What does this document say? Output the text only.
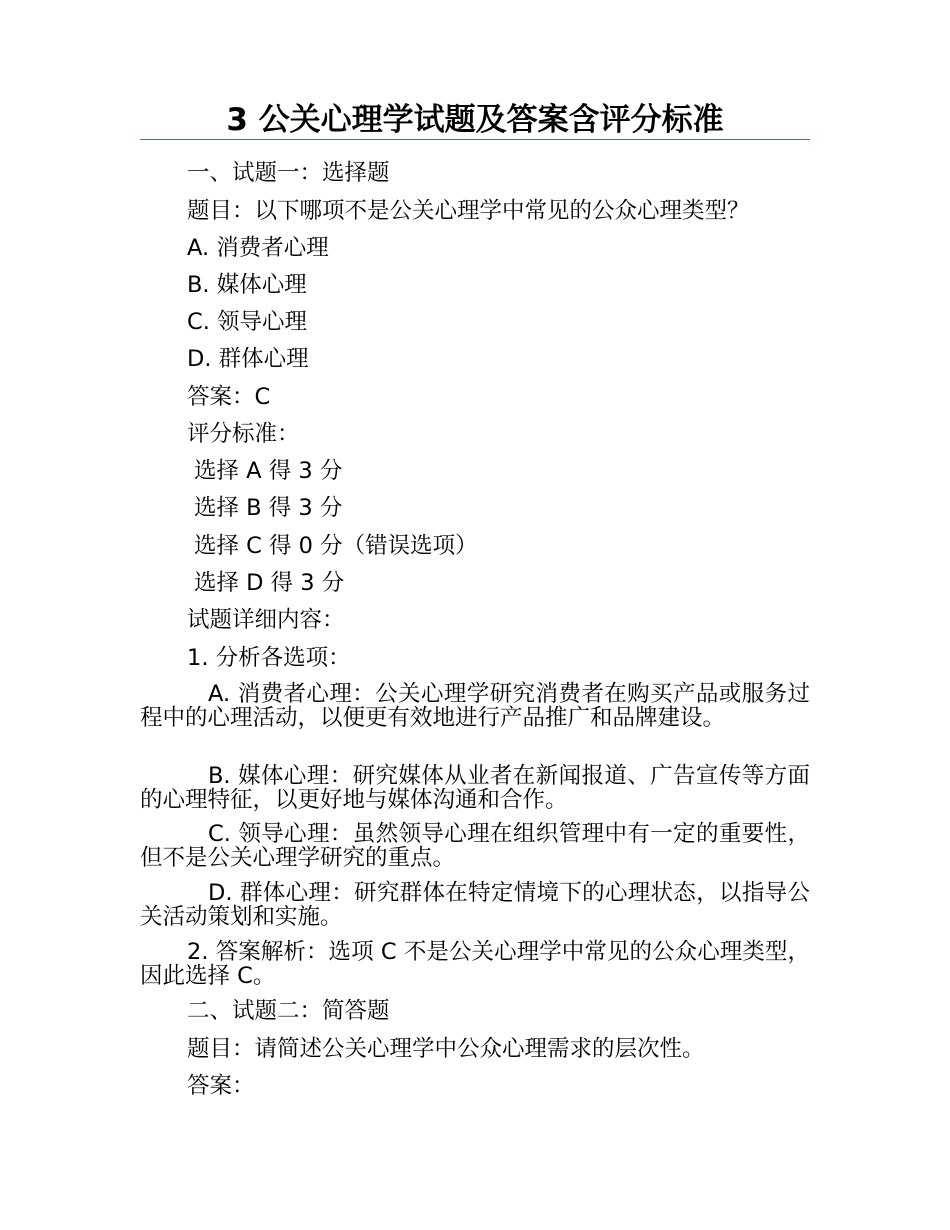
3 公关心理学试题及答案含评分标准
一、试题一：选择题
题目：以下哪项不是公关心理学中常见的公众心理类型？
A. 消费者心理
B. 媒体心理
C. 领导心理
D. 群体心理
答案：C
评分标准：
选择 A 得 3 分
选择 B 得 3 分
选择 C 得 0 分（错误选项）
选择 D 得 3 分
试题详细内容：
1. 分析各选项：
A. 消费者心理：公关心理学研究消费者在购买产品或服务过程中的心理活动，以便更有效地进行产品推广和品牌建设。
B. 媒体心理：研究媒体从业者在新闻报道、广告宣传等方面的心理特征，以更好地与媒体沟通和合作。
C. 领导心理：虽然领导心理在组织管理中有一定的重要性，但不是公关心理学研究的重点。
D. 群体心理：研究群体在特定情境下的心理状态，以指导公关活动策划和实施。
2. 答案解析：选项 C 不是公关心理学中常见的公众心理类型，因此选择 C。
二、试题二：简答题
题目：请简述公关心理学中公众心理需求的层次性。
答案：
